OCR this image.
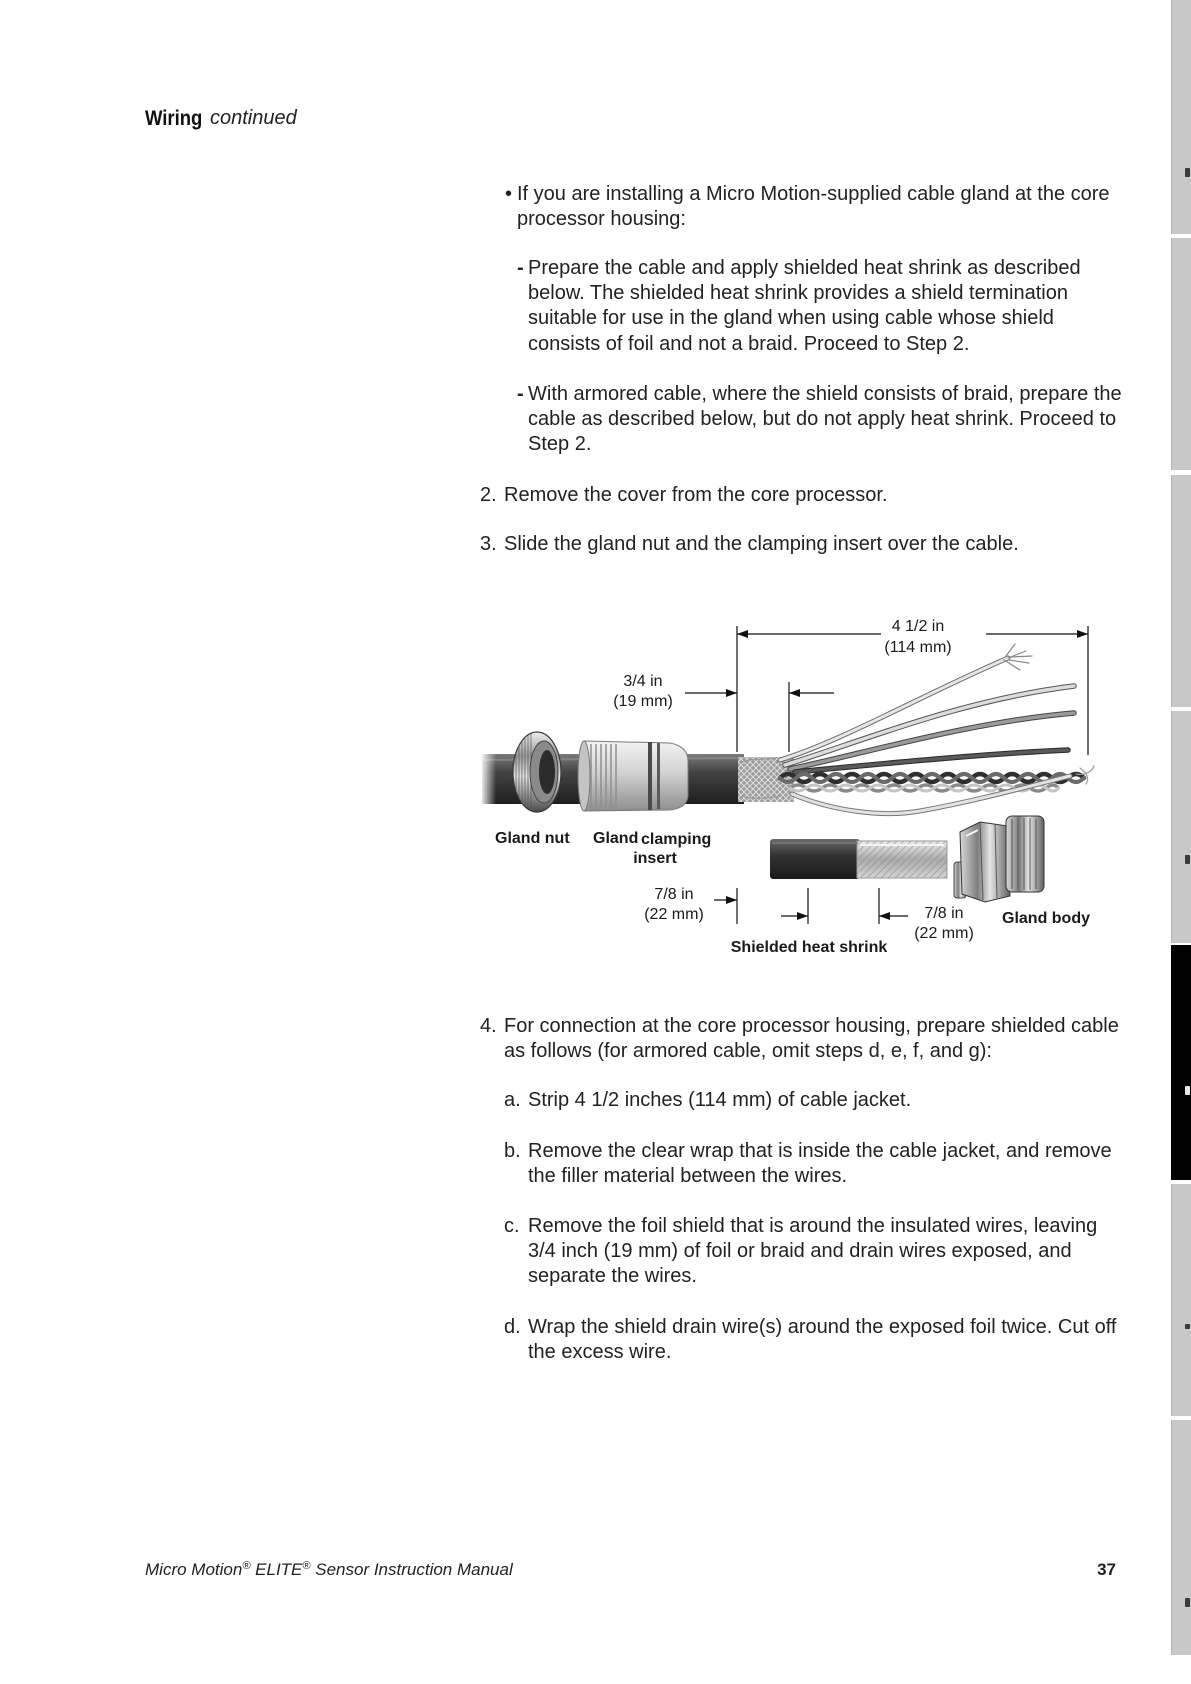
Wiring continued
• If you are installing a Micro Motion-supplied cable gland at the core
processor housing:
- Prepare the cable and apply shielded heat shrink as described
below. The shielded heat shrink provides a shield termination
suitable for use in the gland when using cable whose shield
consists of foil and not a braid. Proceed to Step 2.
- With armored cable, where the shield consists of braid, prepare the
cable as described below, but do not apply heat shrink. Proceed to
Step 2.
2. Remove the cover from the core processor.
3. Slide the gland nut and the clamping insert over the cable.
4 1/2 in
(114 mm)
3/4 in
(19 mm)
7/8 in
(22 mm)	7/8 in
(22 mm)
Gland nut Gland clamping
insert
Gland body
Shielded heat shrink
4. For connection at the core processor housing, prepare shielded cable
as follows (for armored cable, omit steps d, e, f, and g):
a. Strip 4 1/2 inches (114 mm) of cable jacket.
b. Remove the clear wrap that is inside the cable jacket, and remove
the filler material between the wires.
c. Remove the foil shield that is around the insulated wires, leaving
3/4 inch (19 mm) of foil or braid and drain wires exposed, and
separate the wires.
d. Wrap the shield drain wire(s) around the exposed foil twice. Cut off
the excess wire.
Micro Motion® ELITE® Sensor Instruction Manual	37
